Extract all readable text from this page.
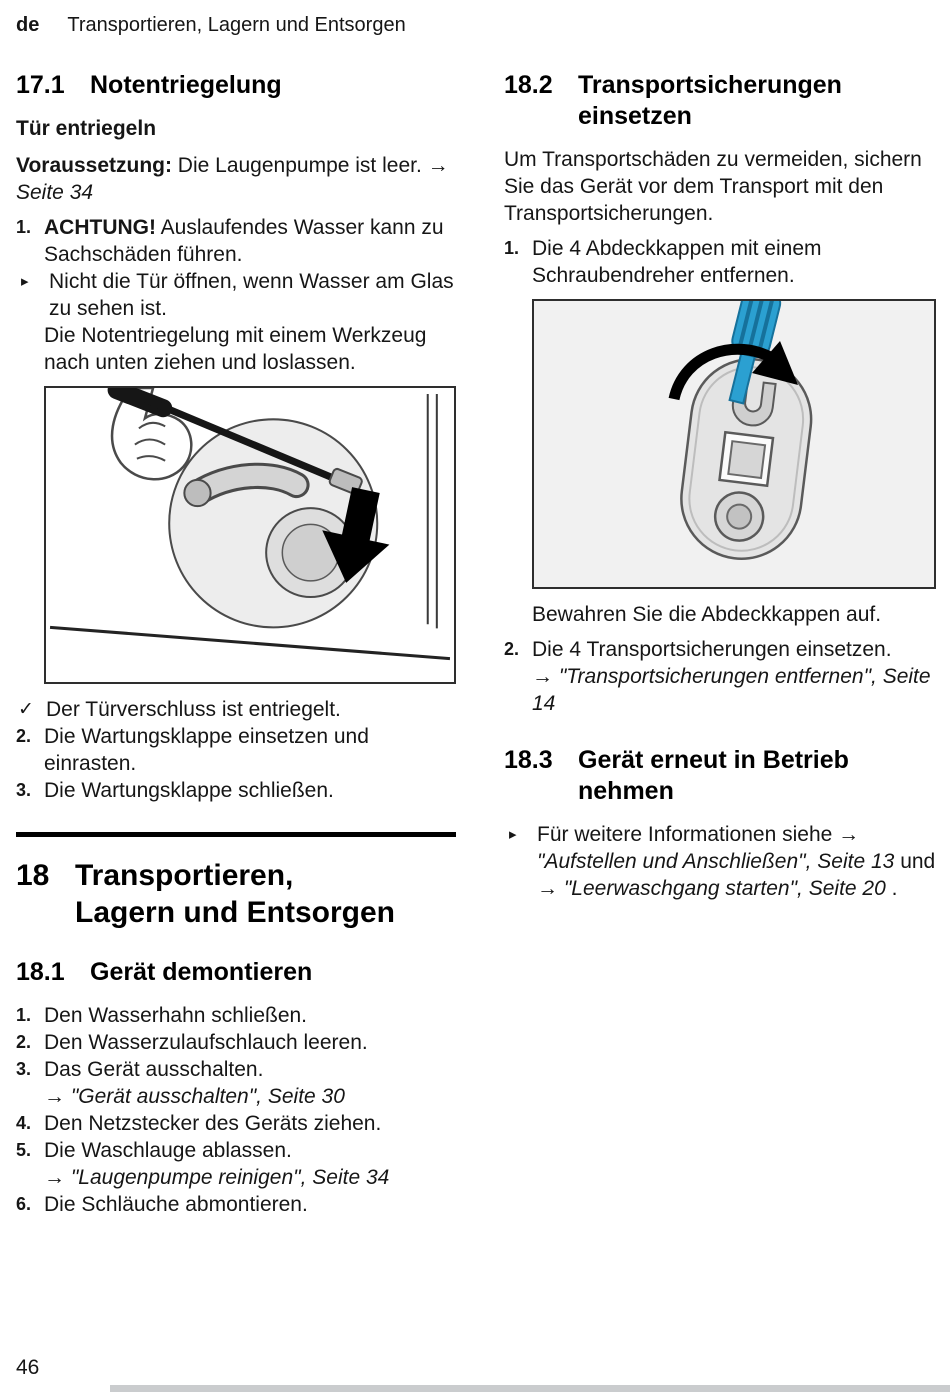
de Transportieren, Lagern und Entsorgen
17.1	Notentriegelung
Tür entriegeln

Voraussetzung: Die Laugenpumpe ist leer. → Seite 34

1. ACHTUNG! Auslaufendes Wasser kann zu Sachschäden führen.
▸ Nicht die Tür öffnen, wenn Wasser am Glas zu sehen ist.

Die Notentriegelung mit einem Werkzeug nach unten ziehen und loslassen.

✓ Der Türverschluss ist entriegelt.
2. Die Wartungsklappe einsetzen und einrasten.
3. Die Wartungsklappe schließen.
18 Transportieren,
Lagern und Entsorgen
18.1	Gerät demontieren
1. Den Wasserhahn schließen.
2. Den Wasserzulaufschlauch leeren.
3. Das Gerät ausschalten.
→ "Gerät ausschalten", Seite 30
4. Den Netzstecker des Geräts ziehen.
5. Die Waschlauge ablassen.
→ "Laugenpumpe reinigen", Seite 34
6. Die Schläuche abmontieren.
18.2	Transportsicherungen
einsetzen

Um Transportschäden zu vermeiden, sichern Sie das Gerät vor dem Transport mit den Transportsicherungen.

1. Die 4 Abdeckkappen mit einem Schraubendreher entfernen.

Bewahren Sie die Abdeckkappen auf.

2. Die 4 Transportsicherungen einsetzen.
→ "Transportsicherungen entfernen", Seite 14
18.3	Gerät erneut in Betrieb
nehmen
▸ Für weitere Informationen siehe → "Aufstellen und Anschließen", Seite 13 und → "Leerwaschgang starten", Seite 20 .
46
